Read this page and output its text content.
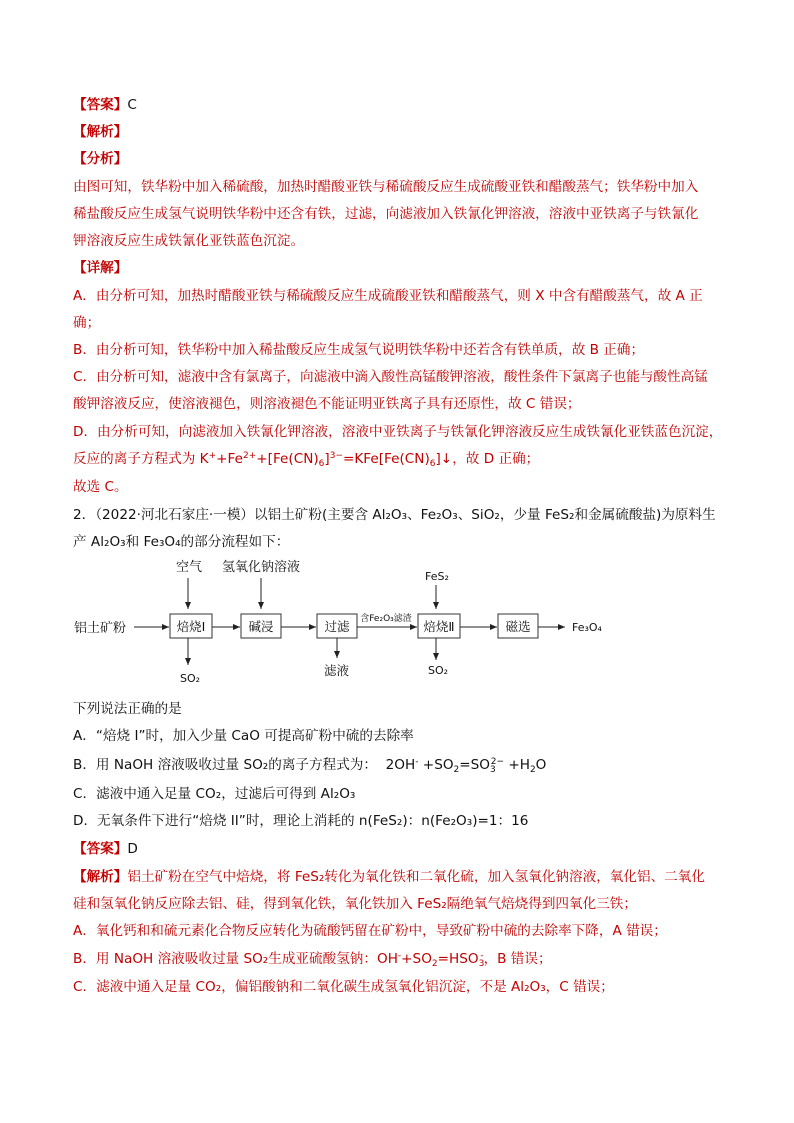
【答案】C
【解析】
【分析】
由图可知，铁华粉中加入稀硫酸，加热时醋酸亚铁与稀硫酸反应生成硫酸亚铁和醋酸蒸气；铁华粉中加入
稀盐酸反应生成氢气说明铁华粉中还含有铁，过滤，向滤液加入铁氰化钾溶液，溶液中亚铁离子与铁氰化
钾溶液反应生成铁氰化亚铁蓝色沉淀。
【详解】
A．由分析可知，加热时醋酸亚铁与稀硫酸反应生成硫酸亚铁和醋酸蒸气，则 X 中含有醋酸蒸气，故 A 正
确；
B．由分析可知，铁华粉中加入稀盐酸反应生成氢气说明铁华粉中还若含有铁单质，故 B 正确；
C．由分析可知，滤液中含有氯离子，向滤液中滴入酸性高锰酸钾溶液，酸性条件下氯离子也能与酸性高锰
酸钾溶液反应，使溶液褪色，则溶液褪色不能证明亚铁离子具有还原性，故 C 错误；
D．由分析可知，向滤液加入铁氰化钾溶液，溶液中亚铁离子与铁氰化钾溶液反应生成铁氰化亚铁蓝色沉淀，
反应的离子方程式为 $K^++Fe^{2+}+[Fe(CN)_6]^{3-}=KFe[Fe(CN)_6]↓$，故 D 正确；
故选 C。
2．（2022·河北石家庄·一模）以铝土矿粉(主要含 Al₂O₃、Fe₂O₃、SiO₂，少量 FeS₂和金属硫酸盐)为原料生
产 Al₂O₃和 Fe₃O₄的部分流程如下：
空气 氢氧化钠溶液
FeS₂
铝土矿粉	焙烧Ⅰ	碱浸	过滤 含Fe₂O₃滤渣 焙烧Ⅱ	磁选	Fe₃O₄
SO₂
滤液	SO₂
下列说法正确的是
A．“焙烧 I”时，加入少量 CaO 可提高矿粉中硫的去除率
B．用 NaOH 溶液吸收过量 SO₂的离子方程式为： $2OH^- +SO_2=SO_3^{2-} +H_2O$
C．滤液中通入足量 CO₂，过滤后可得到 Al₂O₃
D．无氧条件下进行“焙烧 II”时，理论上消耗的 n(FeS₂)：n(Fe₂O₃)=1：16
【答案】D
【解析】铝土矿粉在空气中焙烧，将 FeS₂转化为氧化铁和二氧化硫，加入氢氧化钠溶液，氧化铝、二氧化
硅和氢氧化钠反应除去铝、硅，得到氧化铁，氧化铁加入 FeS₂隔绝氧气焙烧得到四氧化三铁；
A．氧化钙和和硫元素化合物反应转化为硫酸钙留在矿粉中，导致矿粉中硫的去除率下降，A 错误；
B．用 NaOH 溶液吸收过量 SO₂生成亚硫酸氢钠：$OH^-+SO_2=HSO_3^-$，B 错误；
C．滤液中通入足量 CO₂，偏铝酸钠和二氧化碳生成氢氧化铝沉淀，不是 Al₂O₃，C 错误；
